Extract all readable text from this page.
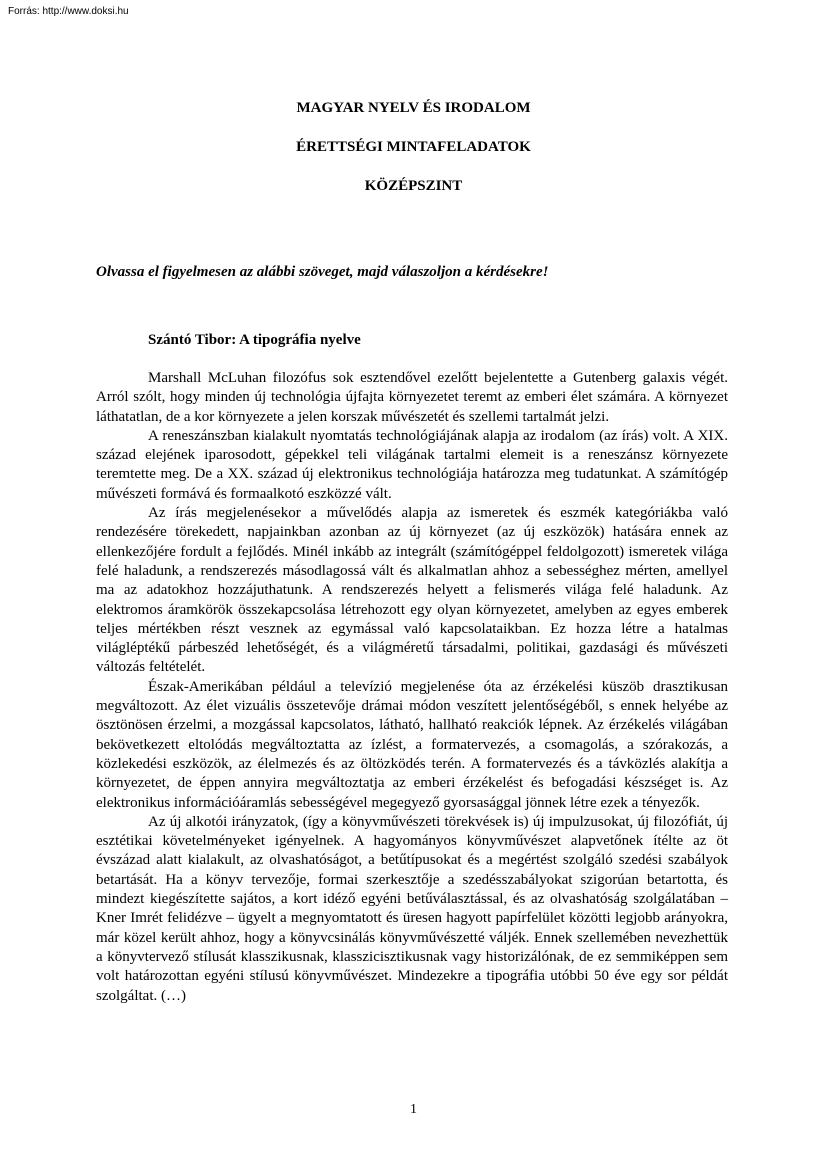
Forrás: http://www.doksi.hu
MAGYAR NYELV ÉS IRODALOM
ÉRETTSÉGI MINTAFELADATOK
KÖZÉPSZINT
Olvassa el figyelmesen az alábbi szöveget, majd válaszoljon a kérdésekre!
Szántó Tibor: A tipográfia nyelve

Marshall McLuhan filozófus sok esztendővel ezelőtt bejelentette a Gutenberg galaxis végét. Arról szólt, hogy minden új technológia újfajta környezetet teremt az emberi élet számára. A környezet láthatatlan, de a kor környezete a jelen korszak művészetét és szellemi tartalmát jelzi.

A reneszánszban kialakult nyomtatás technológiájának alapja az irodalom (az írás) volt. A XIX. század elejének iparosodott, gépekkel teli világának tartalmi elemeit is a reneszánsz környezete teremtette meg. De a XX. század új elektronikus technológiája határozza meg tudatunkat. A számítógép művészeti formává és formaalkotó eszközzé vált.

Az írás megjelenésekor a művelődés alapja az ismeretek és eszmék kategóriákba való rendezésére törekedett, napjainkban azonban az új környezet (az új eszközök) hatására ennek az ellenkezőjére fordult a fejlődés. Minél inkább az integrált (számítógéppel feldolgozott) ismeretek világa felé haladunk, a rendszerezés másodlagossá vált és alkalmatlan ahhoz a sebességhez mérten, amellyel ma az adatokhoz hozzájuthatunk. A rendszerezés helyett a felismerés világa felé haladunk. Az elektromos áramkörök összekapcsolása létrehozott egy olyan környezetet, amelyben az egyes emberek teljes mértékben részt vesznek az egymással való kapcsolataikban. Ez hozza létre a hatalmas világléptékű párbeszéd lehetőségét, és a világméretű társadalmi, politikai, gazdasági és művészeti változás feltételét.

Észak-Amerikában például a televízió megjelenése óta az érzékelési küszöb drasztikusan megváltozott. Az élet vizuális összetevője drámai módon veszített jelentőségéből, s ennek helyébe az ösztönösen érzelmi, a mozgással kapcsolatos, látható, hallható reakciók lépnek. Az érzékelés világában bekövetkezett eltolódás megváltoztatta az ízlést, a formatervezés, a csomagolás, a szórakozás, a közlekedési eszközök, az élelmezés és az öltözködés terén. A formatervezés és a távközlés alakítja a környezetet, de éppen annyira megváltoztatja az emberi érzékelést és befogadási készséget is. Az elektronikus információáramlás sebességével megegyező gyorsasággal jönnek létre ezek a tényezők.

Az új alkotói irányzatok, (így a könyvművészeti törekvések is) új impulzusokat, új filozófiát, új esztétikai követelményeket igényelnek. A hagyományos könyvművészet alapvetőnek ítélte az öt évszázad alatt kialakult, az olvashatóságot, a betűtípusokat és a megértést szolgáló szedési szabályok betartását. Ha a könyv tervezője, formai szerkesztője a szedésszabályokat szigorúan betartotta, és mindezt kiegészítette sajátos, a kort idéző egyéni betűválasztással, és az olvashatóság szolgálatában – Kner Imrét felidézve – ügyelt a megnyomtatott és üresen hagyott papírfelület közötti legjobb arányokra, már közel került ahhoz, hogy a könyvcsinálás könyvművészetté váljék. Ennek szellemében nevezhettük a könyvtervező stílusát klasszikusnak, klasszicisztikusnak vagy historizálónak, de ez semmiképpen sem volt határozottan egyéni stílusú könyvművészet. Mindezekre a tipográfia utóbbi 50 éve egy sor példát szolgáltat. (…)

1
